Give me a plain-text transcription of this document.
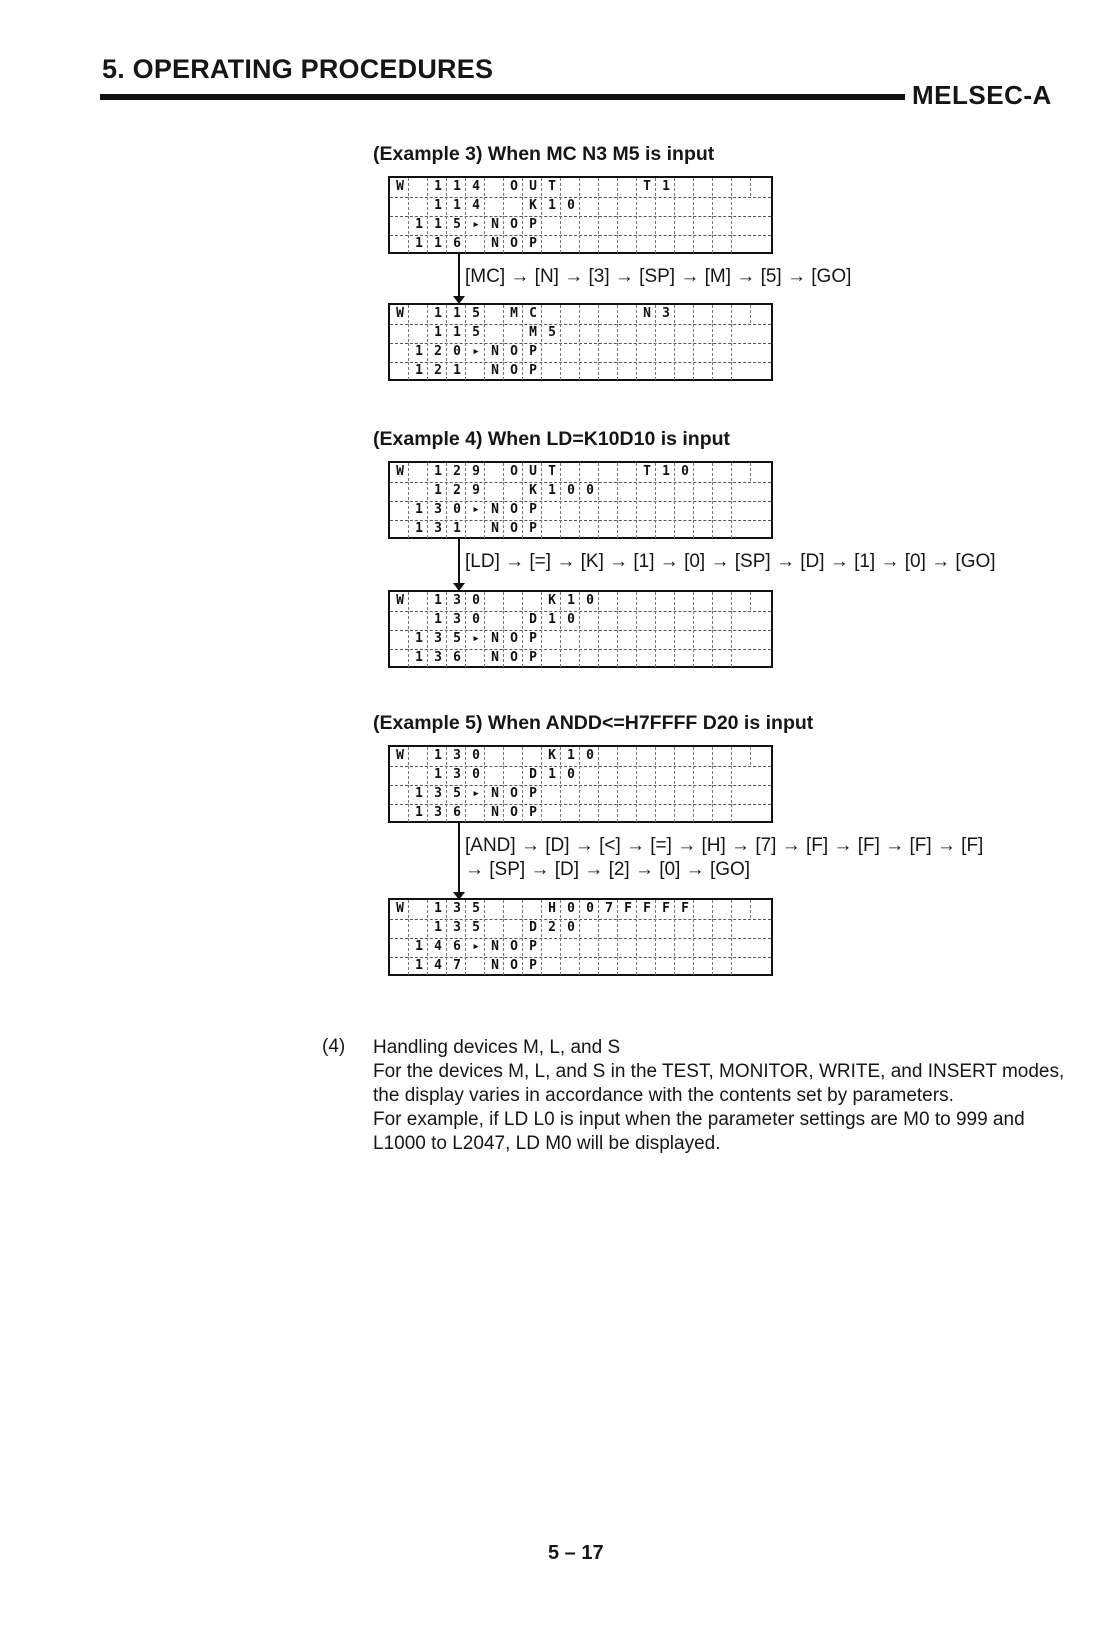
5. OPERATING PROCEDURES
MELSEC-A
(Example 3) When MC N3 M5 is input
W	1 1 4	O U T	T 1
1 1 4	K 1 0
1 1 5 ▸ N O P
1 1 6	N O P
[MC] → [N] → [3] → [SP] → [M] → [5] → [GO]
W	1 1 5	M C	N 3
1 1 5	M 5
1 2 0 ▸ N O P
1 2 1	N O P
(Example 4) When LD=K10D10 is input
W	1 2 9	O U T	T 1 0
1 2 9	K 1 0 0
1 3 0 ▸ N O P
1 3 1	N O P
[LD] → [=] → [K] → [1] → [0] → [SP] → [D] → [1] → [0] → [GO]
W	1 3 0	K 1 0
1 3 0	D 1 0
1 3 5 ▸ N O P
1 3 6	N O P
(Example 5) When ANDD<=H7FFFF D20 is input
W	1 3 0	K 1 0
1 3 0	D 1 0
1 3 5 ▸ N O P
1 3 6	N O P
[AND] → [D] → [<] → [=] → [H] → [7] → [F] → [F] → [F] → [F]
→ [SP] → [D] → [2] → [0] → [GO]
W	1 3 5	H 0 0 7 F F F F
1 3 5	D 2 0
1 4 6 ▸ N O P
1 4 7	N O P
(4) Handling devices M, L, and S

For the devices M, L, and S in the TEST, MONITOR, WRITE, and INSERT modes, the display varies in accordance with the contents set by parameters.

For example, if LD L0 is input when the parameter settings are M0 to 999 and L1000 to L2047, LD M0 will be displayed.

5 – 17
